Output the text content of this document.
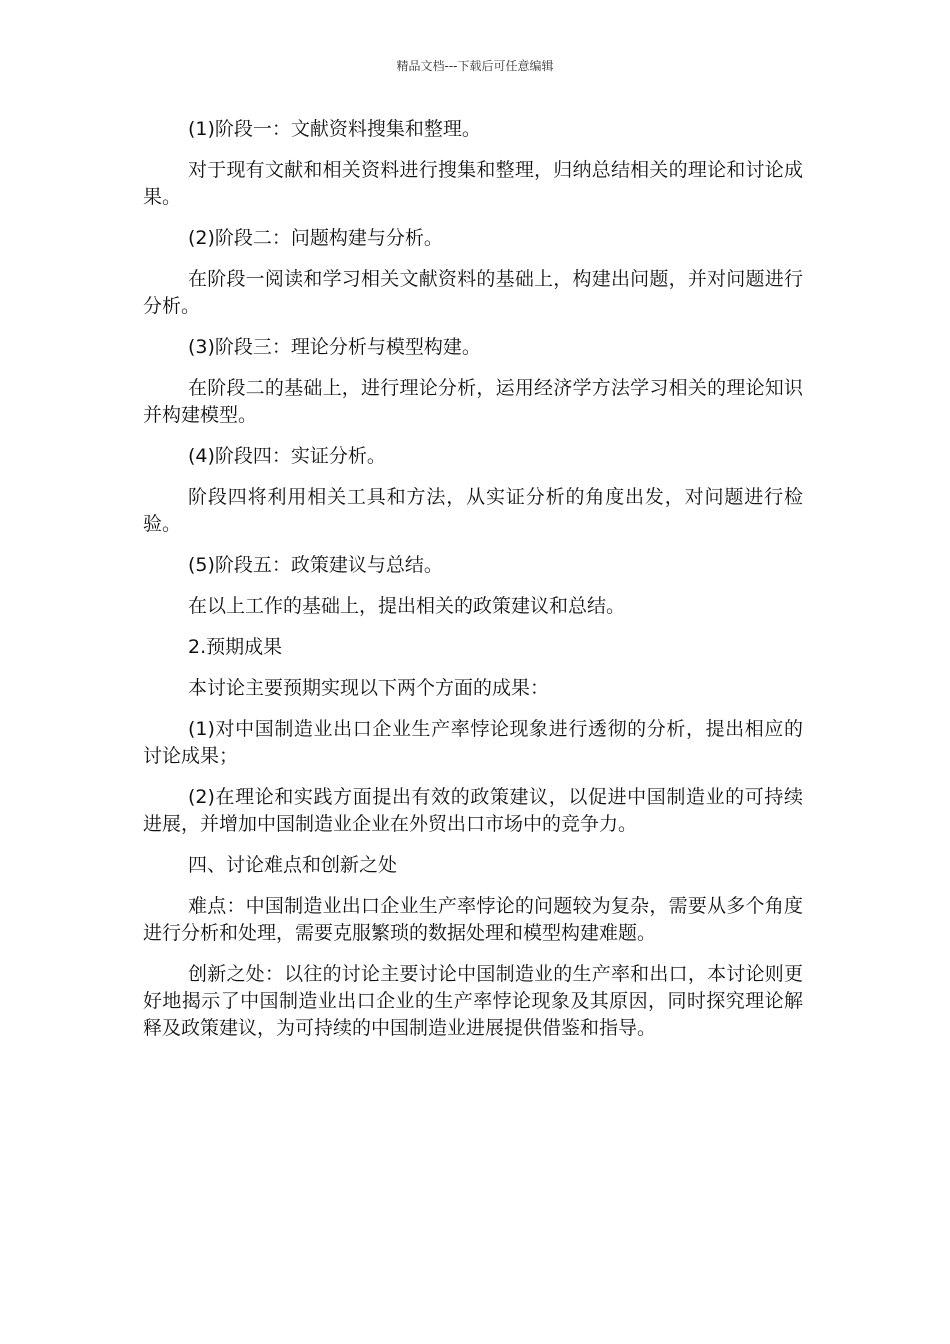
精品文档---下载后可任意编辑

(1)阶段一：文献资料搜集和整理。

对于现有文献和相关资料进行搜集和整理，归纳总结相关的理论和讨论成果。

(2)阶段二：问题构建与分析。

在阶段一阅读和学习相关文献资料的基础上，构建出问题，并对问题进行分析。

(3)阶段三：理论分析与模型构建。

在阶段二的基础上，进行理论分析，运用经济学方法学习相关的理论知识并构建模型。

(4)阶段四：实证分析。

阶段四将利用相关工具和方法，从实证分析的角度出发，对问题进行检验。

(5)阶段五：政策建议与总结。

在以上工作的基础上，提出相关的政策建议和总结。

2.预期成果

本讨论主要预期实现以下两个方面的成果：

(1)对中国制造业出口企业生产率悖论现象进行透彻的分析，提出相应的讨论成果；

(2)在理论和实践方面提出有效的政策建议，以促进中国制造业的可持续进展，并增加中国制造业企业在外贸出口市场中的竞争力。

四、讨论难点和创新之处

难点：中国制造业出口企业生产率悖论的问题较为复杂，需要从多个角度进行分析和处理，需要克服繁琐的数据处理和模型构建难题。

创新之处：以往的讨论主要讨论中国制造业的生产率和出口，本讨论则更好地揭示了中国制造业出口企业的生产率悖论现象及其原因，同时探究理论解释及政策建议，为可持续的中国制造业进展提供借鉴和指导。
